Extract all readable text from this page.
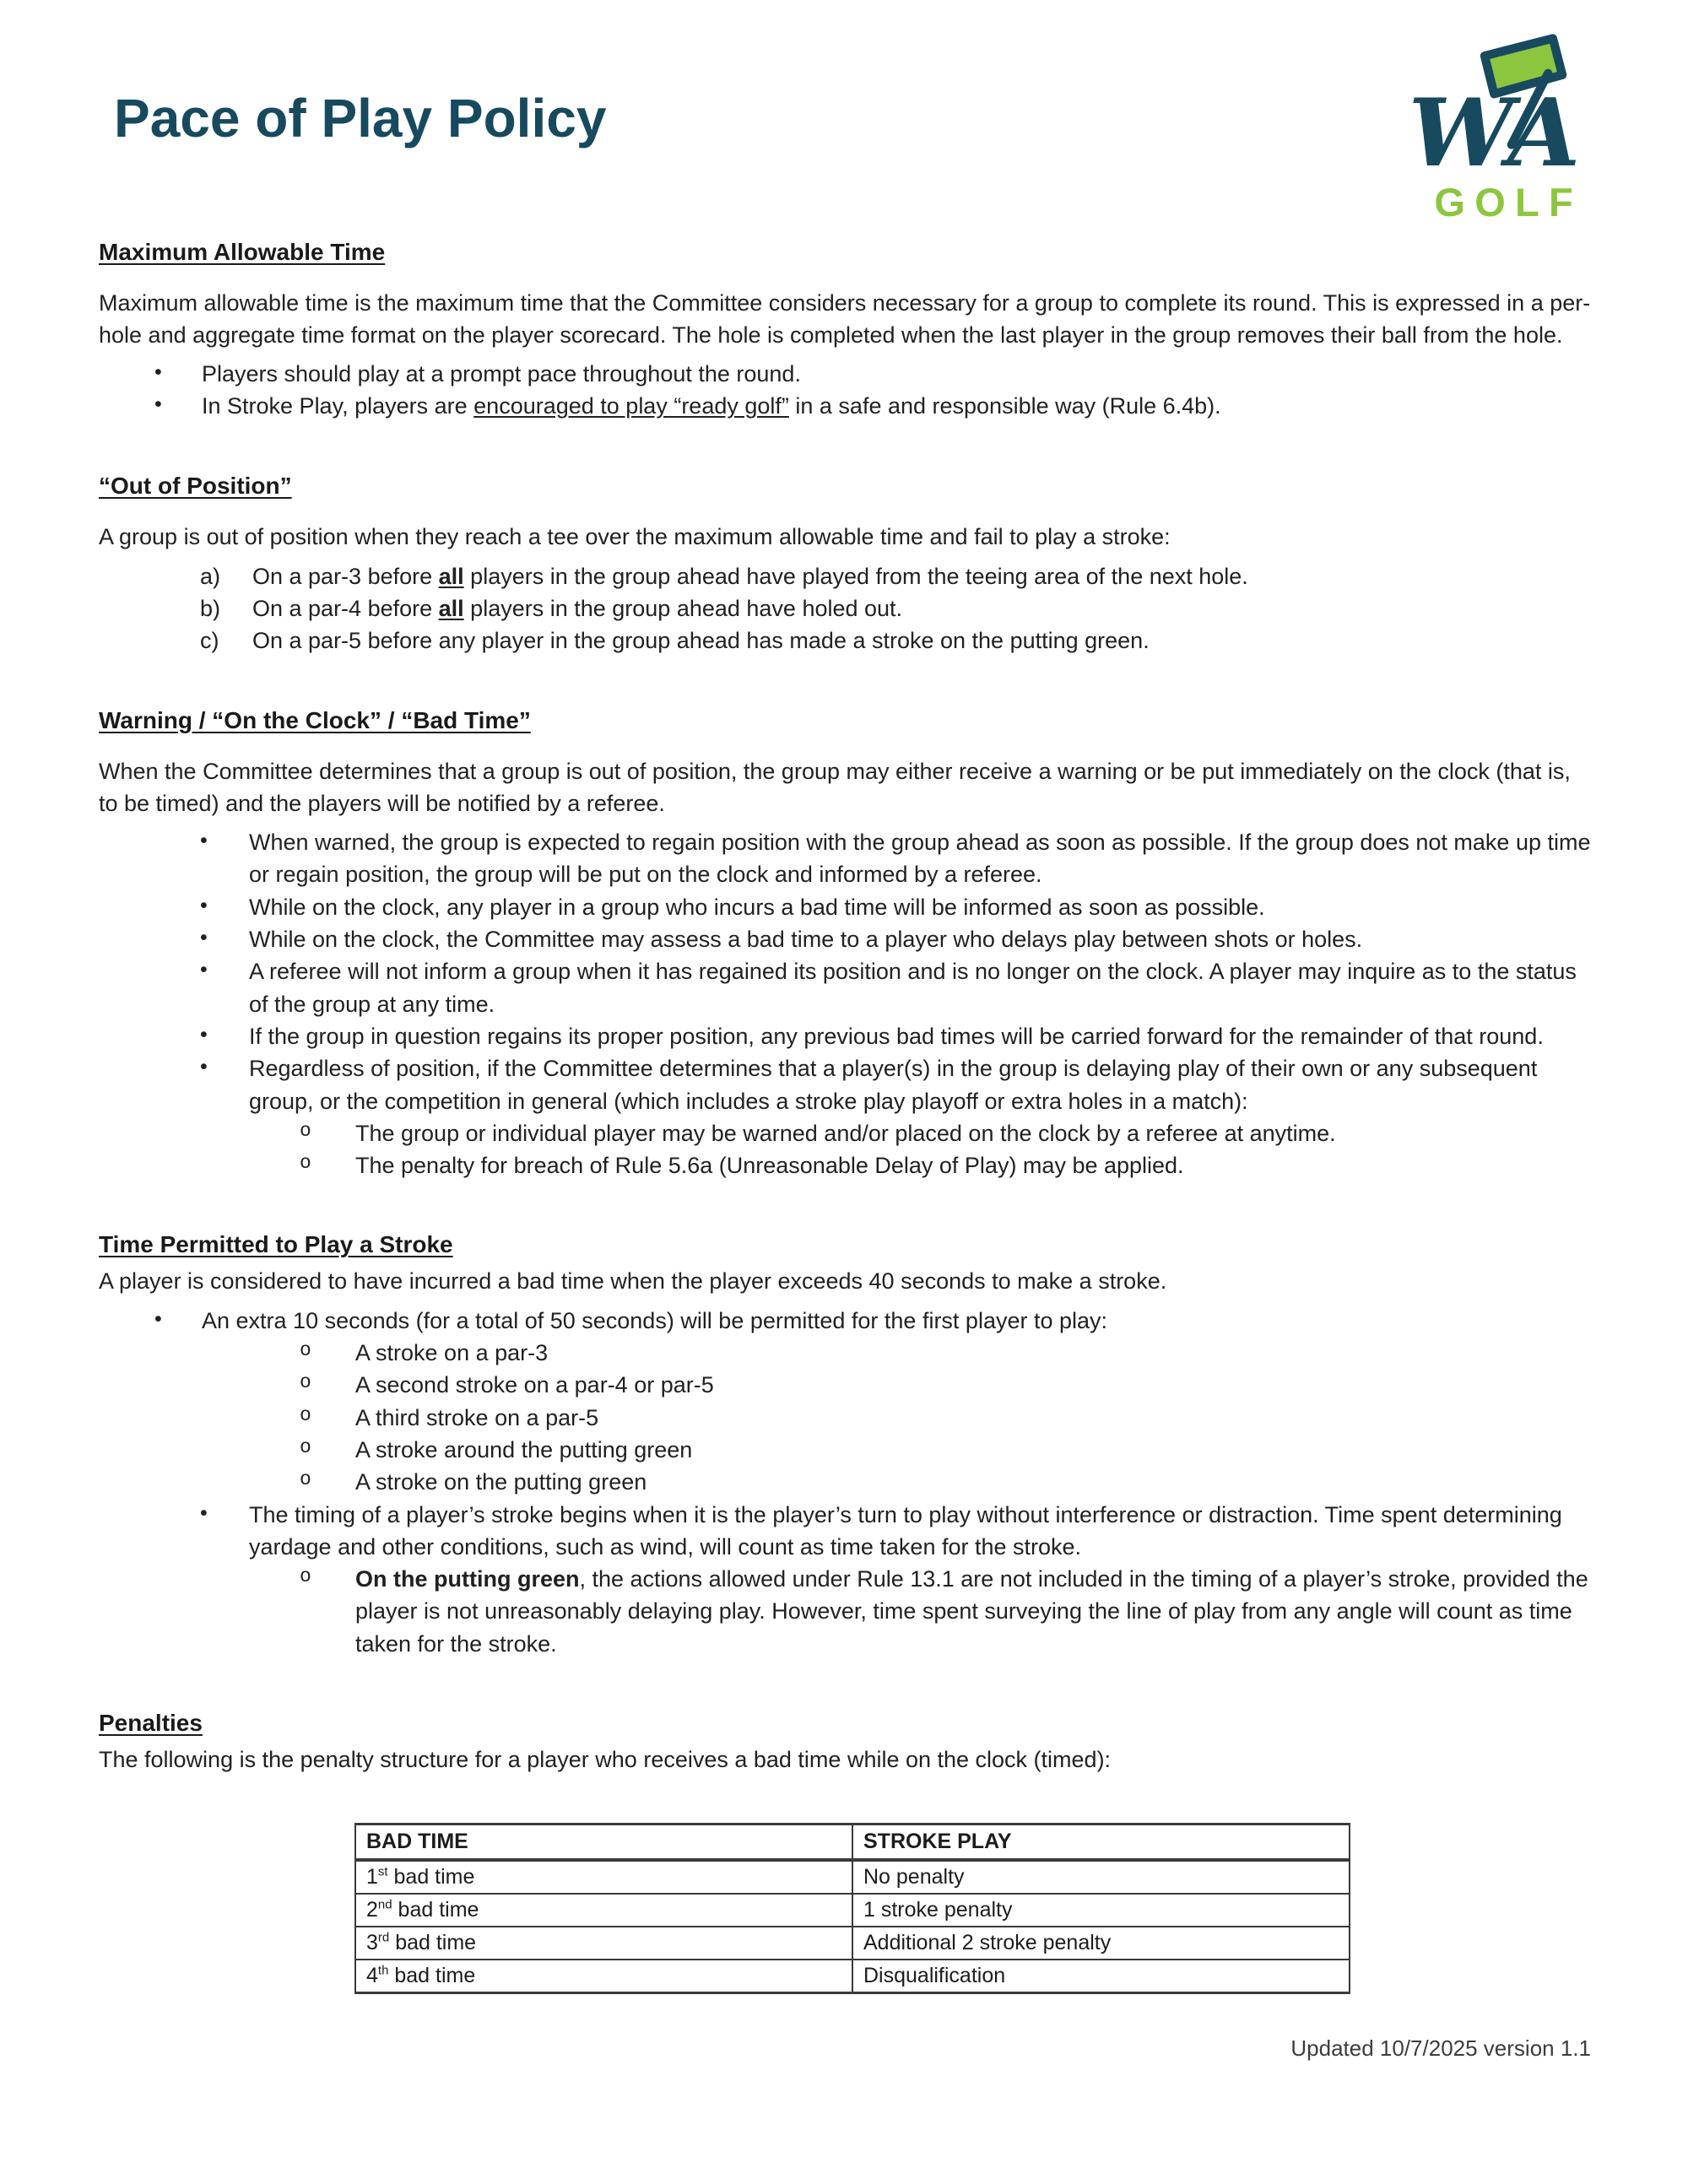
Pace of Play Policy	WA
GOLF
Maximum Allowable Time

Maximum allowable time is the maximum time that the Committee considers necessary for a group to complete its round. This is expressed in a per-hole and aggregate time format on the player scorecard. The hole is completed when the last player in the group removes their ball from the hole.

•	Players should play at a prompt pace throughout the round.
•	In Stroke Play, players are encouraged to play “ready golf” in a safe and responsible way (Rule 6.4b).
“Out of Position”

A group is out of position when they reach a tee over the maximum allowable time and fail to play a stroke:

a)	On a par-3 before all players in the group ahead have played from the teeing area of the next hole.
b)	On a par-4 before all players in the group ahead have holed out.
c)	On a par-5 before any player in the group ahead has made a stroke on the putting green.
Warning / “On the Clock” / “Bad Time”

When the Committee determines that a group is out of position, the group may either receive a warning or be put immediately on the clock (that is, to be timed) and the players will be notified by a referee.

•	When warned, the group is expected to regain position with the group ahead as soon as possible. If the group does not make up time or regain position, the group will be put on the clock and informed by a referee.
•	While on the clock, any player in a group who incurs a bad time will be informed as soon as possible.
•	While on the clock, the Committee may assess a bad time to a player who delays play between shots or holes.
•	A referee will not inform a group when it has regained its position and is no longer on the clock. A player may inquire as to the status of the group at any time.
•	If the group in question regains its proper position, any previous bad times will be carried forward for the remainder of that round.
•	Regardless of position, if the Committee determines that a player(s) in the group is delaying play of their own or any subsequent group, or the competition in general (which includes a stroke play playoff or extra holes in a match):
o	The group or individual player may be warned and/or placed on the clock by a referee at anytime.
o	The penalty for breach of Rule 5.6a (Unreasonable Delay of Play) may be applied.
Time Permitted to Play a Stroke

A player is considered to have incurred a bad time when the player exceeds 40 seconds to make a stroke.

•	An extra 10 seconds (for a total of 50 seconds) will be permitted for the first player to play:
o	A stroke on a par-3
o	A second stroke on a par-4 or par-5
o	A third stroke on a par-5
o	A stroke around the putting green
o	A stroke on the putting green
•	The timing of a player’s stroke begins when it is the player’s turn to play without interference or distraction. Time spent determining yardage and other conditions, such as wind, will count as time taken for the stroke.
o	On the putting green, the actions allowed under Rule 13.1 are not included in the timing of a player’s stroke, provided the player is not unreasonably delaying play. However, time spent surveying the line of play from any angle will count as time taken for the stroke.
Penalties

The following is the penalty structure for a player who receives a bad time while on the clock (timed):

BAD TIME	STROKE PLAY
1st bad time	No penalty
2nd bad time	1 stroke penalty
3rd bad time	Additional 2 stroke penalty
4th bad time	Disqualification
Updated 10/7/2025 version 1.1
